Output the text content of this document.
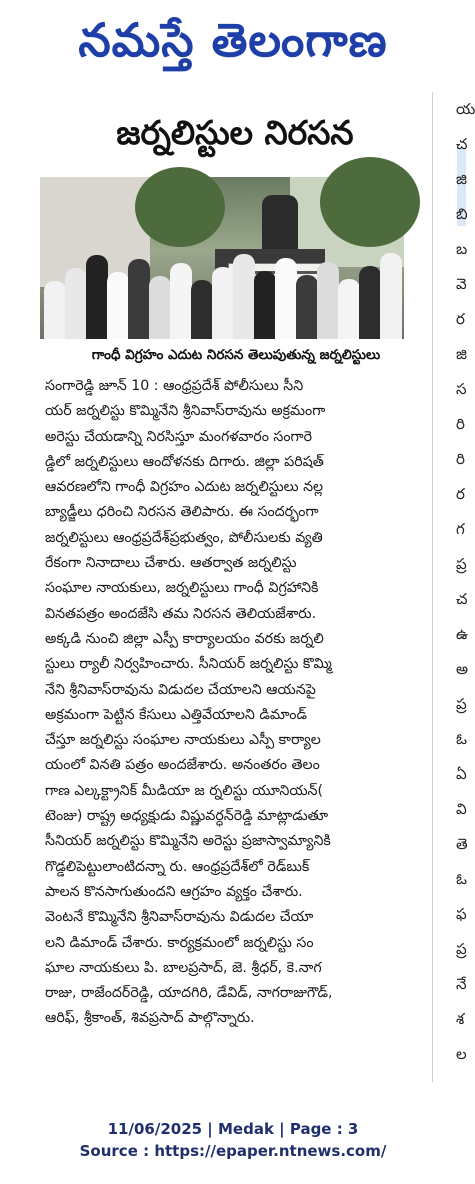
నమస్తే తెలంగాణ
య
చ
జి
బి
బ
వె
ర
జి
స
రి
రి
ర
గ
ప్ర
చ
ఉ
అ
ప్ర
ఓ
ఏ
వి
తె
ఓ
ఫ
ప్ర
నే
శ
ల
జర్నలిస్టుల నిరసన
గాంధీ విగ్రహం ఎదుట నిరసన తెలుపుతున్న జర్నలిస్టులు
సంగారెడ్డి జూన్ 10 : ఆంధ్రప్రదేశ్ పోలీసులు సీని
యర్ జర్నలిస్టు కొమ్మినేని శ్రీనివాస్‌రావును అక్రమంగా
అరెస్టు చేయడాన్ని నిరసిస్తూ మంగళవారం సంగారె
డ్డిలో జర్నలిస్టులు ఆందోళనకు దిగారు. జిల్లా పరిషత్
ఆవరణలోని గాంధీ విగ్రహం ఎదుట జర్నలిస్టులు నల్ల
బ్యాడ్జీలు ధరించి నిరసన తెలిపారు. ఈ సందర్భంగా
జర్నలిస్టులు ఆంధ్రప్రదేశ్‌ప్రభుత్వం, పోలీసులకు వ్యతి
రేకంగా నినాదాలు చేశారు. ఆతర్వాత జర్నలిస్టు
సంఘాల నాయకులు, జర్నలిస్టులు గాంధీ విగ్రహానికి
వినతపత్రం అందజేసి తమ నిరసన తెలియజేశారు.
అక్కడి నుంచి జిల్లా ఎస్పీ కార్యాలయం వరకు జర్నలి
స్టులు ర్యాలీ నిర్వహించారు. సీనియర్ జర్నలిస్టు కొమ్మి
నేని శ్రీనివాస్‌రావును విడుదల చేయాలని ఆయనపై
అక్రమంగా పెట్టిన కేసులు ఎత్తివేయాలని డిమాండ్
చేస్తూ జర్నలిస్టు సంఘాల నాయకులు ఎస్పీ కార్యాల
యంలో వినతి పత్రం అందజేశారు. అనంతరం తెలం
గాణ ఎల్కక్ట్రానిక్ మీడియా జ ర్నలిస్టు యూనియన్(
టెంజు) రాష్ట్ర అధ్యక్షుడు విష్ణువర్ధన్‌రెడ్డి మాట్లాడుతూ
సీనియర్ జర్నలిస్టు కొమ్మినేని అరెస్టు ప్రజాస్వామ్యానికి
గొడ్డలిపెట్టులాంటిదన్నా రు. ఆంధ్రప్రదేశ్‌లో రెడ్‌బుక్
పాలన కొనసాగుతుందని ఆగ్రహం వ్యక్తం చేశారు.
వెంటనే కొమ్మినేని శ్రీనివాస్‌రావును విడుదల చేయా
లని డిమాండ్ చేశారు. కార్యక్రమంలో జర్నలిస్టు సం
ఘాల నాయకులు పి. బాలప్రసాద్, జె. శ్రీధర్, కె.నాగ
రాజు, రాజేందర్‌రెడ్డి, యాదగిరి, డేవిడ్, నాగరాజుగౌడ్,
ఆరిఫ్, శ్రీకాంత్, శివప్రసాద్ పాల్గొన్నారు.
11/06/2025 | Medak | Page : 3
Source : https://epaper.ntnews.com/
